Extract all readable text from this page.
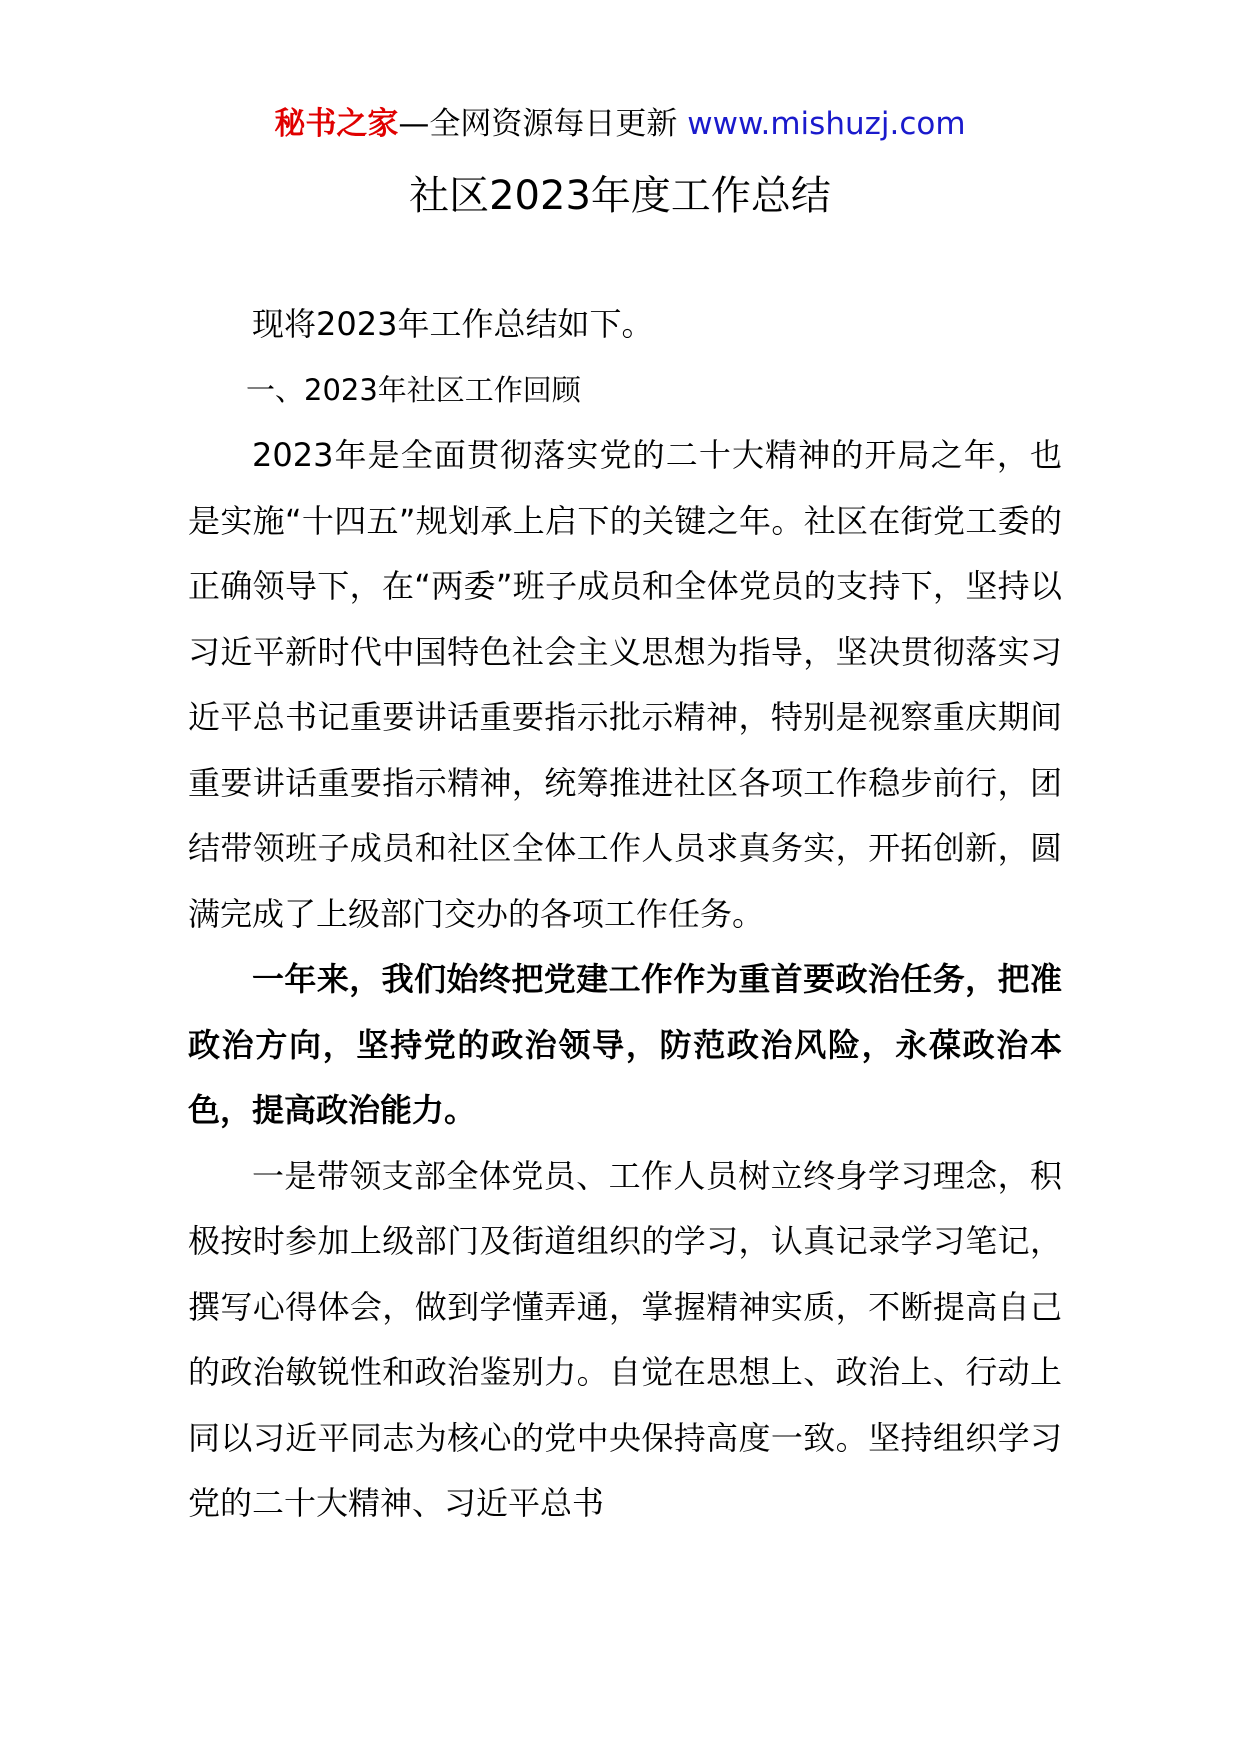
秘书之家—全网资源每日更新 www.mishuzj.com
社区2023年度工作总结

现将2023年工作总结如下。

一、2023年社区工作回顾

2023年是全面贯彻落实党的二十大精神的开局之年，也是实施“十四五”规划承上启下的关键之年。社区在街党工委的正确领导下，在“两委”班子成员和全体党员的支持下，坚持以习近平新时代中国特色社会主义思想为指导，坚决贯彻落实习近平总书记重要讲话重要指示批示精神，特别是视察重庆期间重要讲话重要指示精神，统筹推进社区各项工作稳步前行，团结带领班子成员和社区全体工作人员求真务实，开拓创新，圆满完成了上级部门交办的各项工作任务。

一年来，我们始终把党建工作作为重首要政治任务，把准政治方向，坚持党的政治领导，防范政治风险，永葆政治本色，提高政治能力。

一是带领支部全体党员、工作人员树立终身学习理念，积极按时参加上级部门及街道组织的学习，认真记录学习笔记，撰写心得体会，做到学懂弄通，掌握精神实质，不断提高自己的政治敏锐性和政治鉴别力。自觉在思想上、政治上、行动上同以习近平同志为核心的党中央保持高度一致。坚持组织学习党的二十大精神、习近平总书
